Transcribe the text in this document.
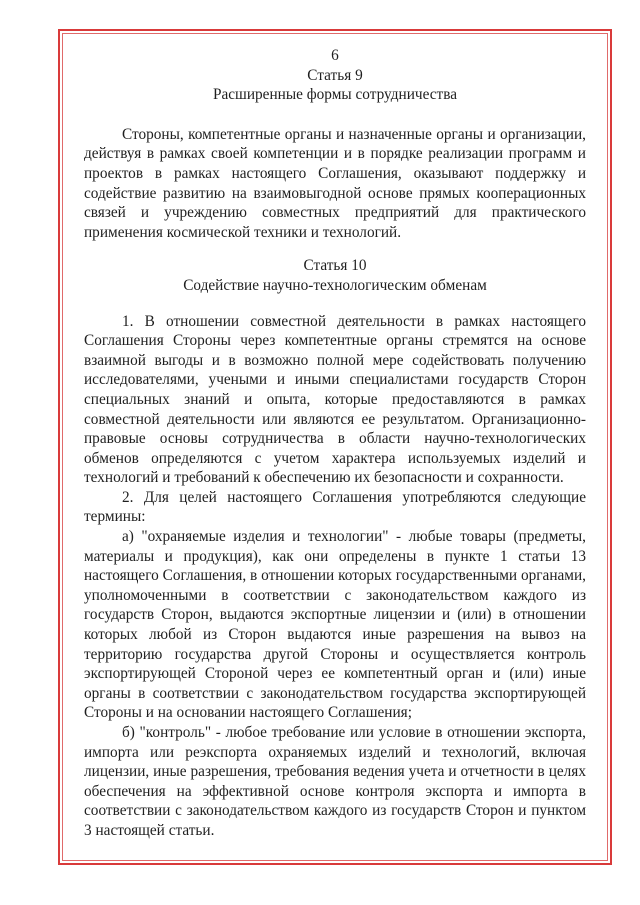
6

Статья 9
Расширенные формы сотрудничества

Стороны, компетентные органы и назначенные органы и организации, действуя в рамках своей компетенции и в порядке реализации программ и проектов в рамках настоящего Соглашения, оказывают поддержку и содействие развитию на взаимовыгодной основе прямых кооперационных связей и учреждению совместных предприятий для практического применения космической техники и технологий.

Статья 10
Содействие научно-технологическим обменам

1. В отношении совместной деятельности в рамках настоящего Соглашения Стороны через компетентные органы стремятся на основе взаимной выгоды и в возможно полной мере содействовать получению исследователями, учеными и иными специалистами государств Сторон специальных знаний и опыта, которые предоставляются в рамках совместной деятельности или являются ее результатом. Организационно-правовые основы сотрудничества в области научно-технологических обменов определяются с учетом характера используемых изделий и технологий и требований к обеспечению их безопасности и сохранности.

2. Для целей настоящего Соглашения употребляются следующие термины:

а) "охраняемые изделия и технологии" - любые товары (предметы, материалы и продукция), как они определены в пункте 1 статьи 13 настоящего Соглашения, в отношении которых государственными органами, уполномоченными в соответствии с законодательством каждого из государств Сторон, выдаются экспортные лицензии и (или) в отношении которых любой из Сторон выдаются иные разрешения на вывоз на территорию государства другой Стороны и осуществляется контроль экспортирующей Стороной через ее компетентный орган и (или) иные органы в соответствии с законодательством государства экспортирующей Стороны и на основании настоящего Соглашения;

б) "контроль" - любое требование или условие в отношении экспорта, импорта или реэкспорта охраняемых изделий и технологий, включая лицензии, иные разрешения, требования ведения учета и отчетности в целях обеспечения на эффективной основе контроля экспорта и импорта в соответствии с законодательством каждого из государств Сторон и пунктом 3 настоящей статьи.
